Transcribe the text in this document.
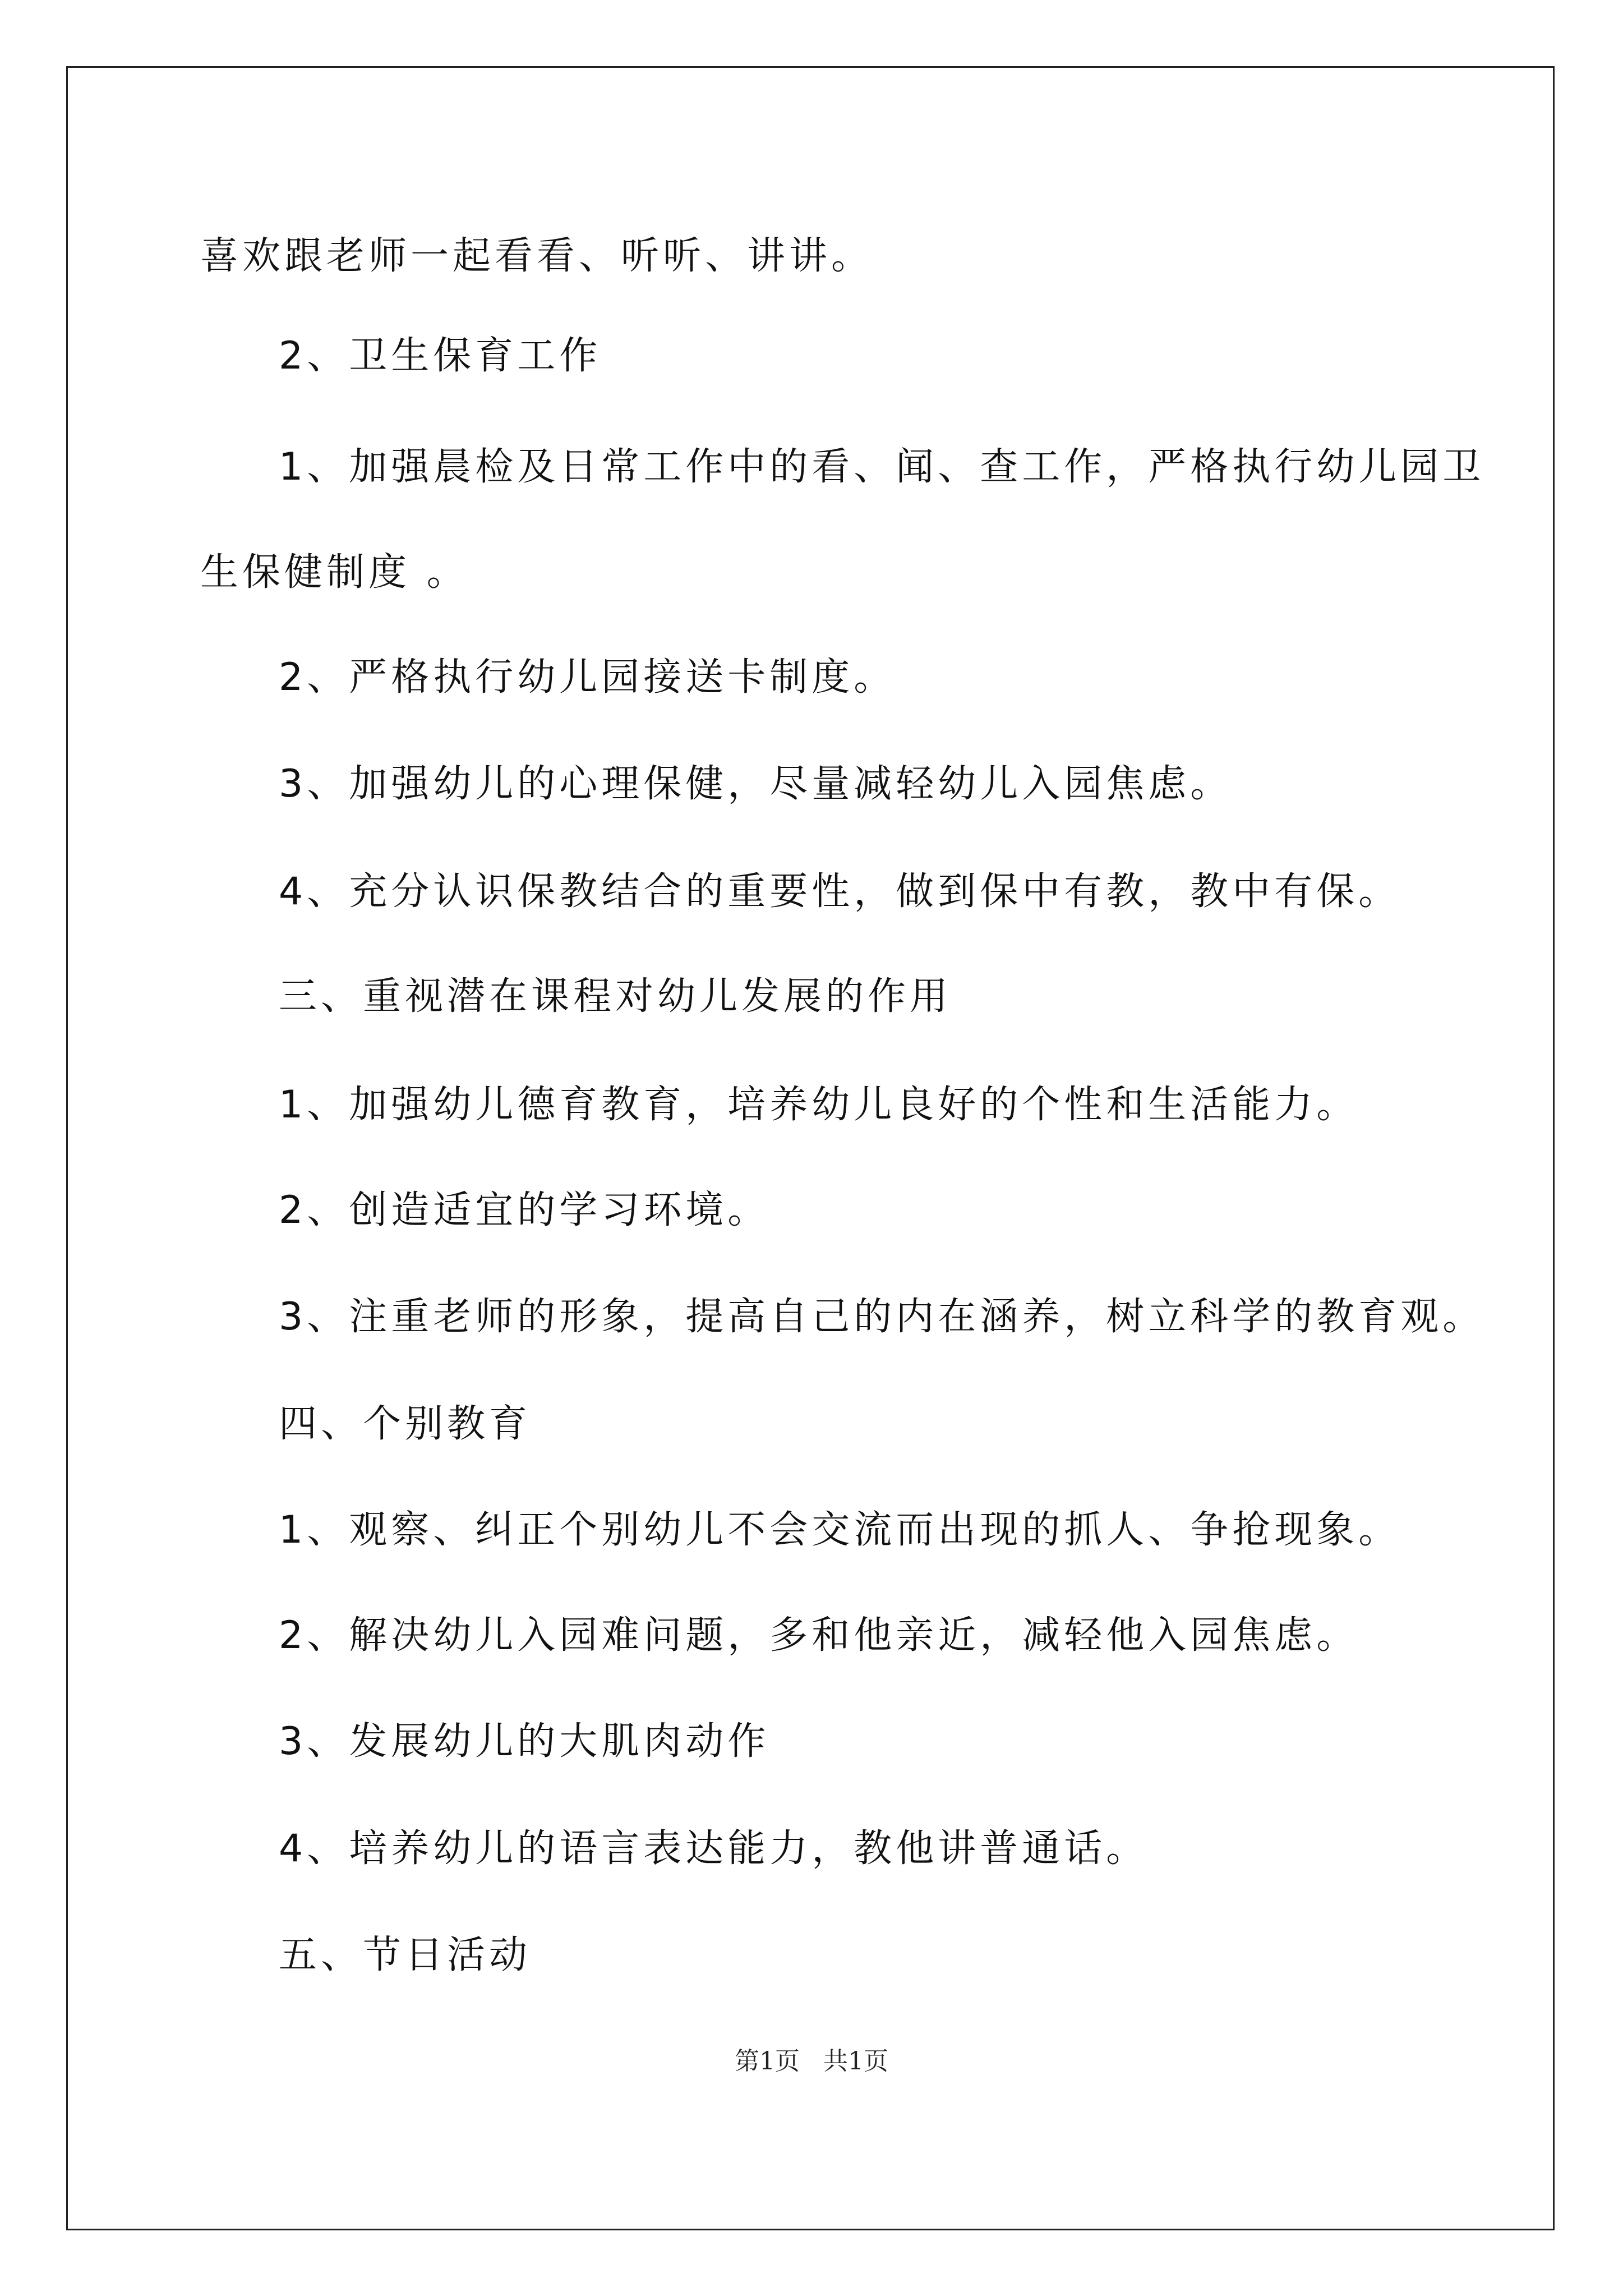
喜欢跟老师一起看看、听听、讲讲。
2、卫生保育工作
1、加强晨检及日常工作中的看、闻、查工作，严格执行幼儿园卫
生保健制度 。
2、严格执行幼儿园接送卡制度。
3、加强幼儿的心理保健，尽量减轻幼儿入园焦虑。
4、充分认识保教结合的重要性，做到保中有教，教中有保。
三、重视潜在课程对幼儿发展的作用
1、加强幼儿德育教育，培养幼儿良好的个性和生活能力。
2、创造适宜的学习环境。
3、注重老师的形象，提高自己的内在涵养，树立科学的教育观。
四、个别教育
1、观察、纠正个别幼儿不会交流而出现的抓人、争抢现象。
2、解决幼儿入园难问题，多和他亲近，减轻他入园焦虑。
3、发展幼儿的大肌肉动作
4、培养幼儿的语言表达能力，教他讲普通话。
五、节日活动
第1页 共1页
